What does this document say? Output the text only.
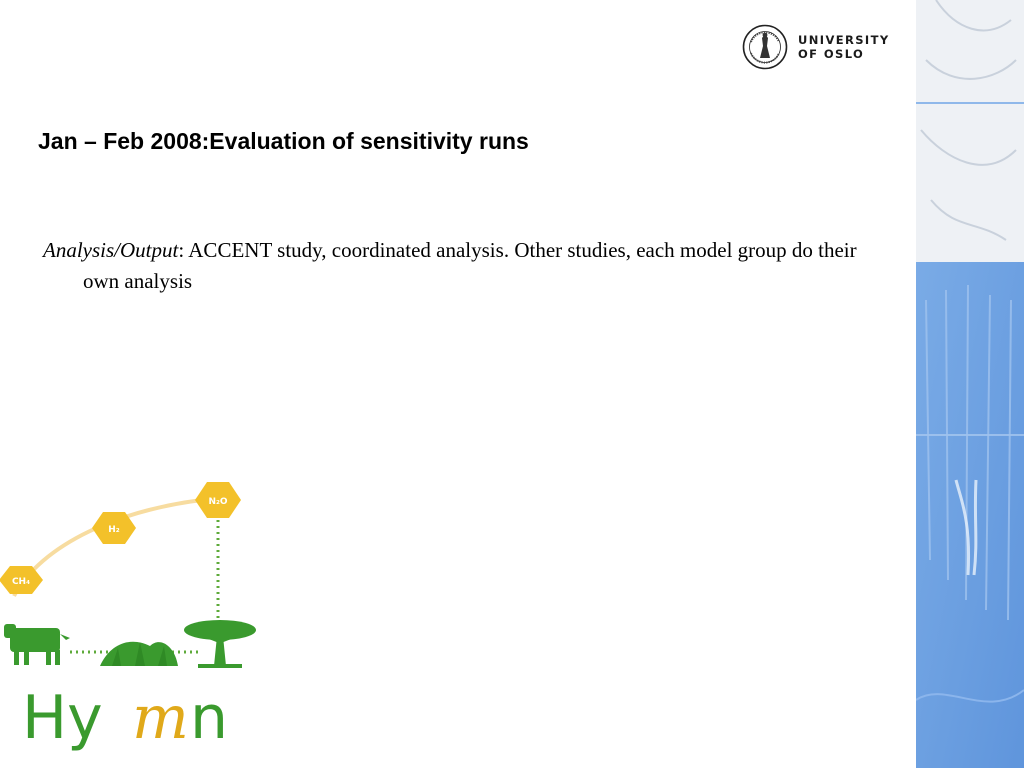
UNIVERSITY
OF OSLO
Jan – Feb 2008:Evaluation of sensitivity runs
Analysis/Output: ACCENT study, coordinated analysis. Other studies, each model group do their own analysis
CH₄
H₂
N₂O
Hy m n
